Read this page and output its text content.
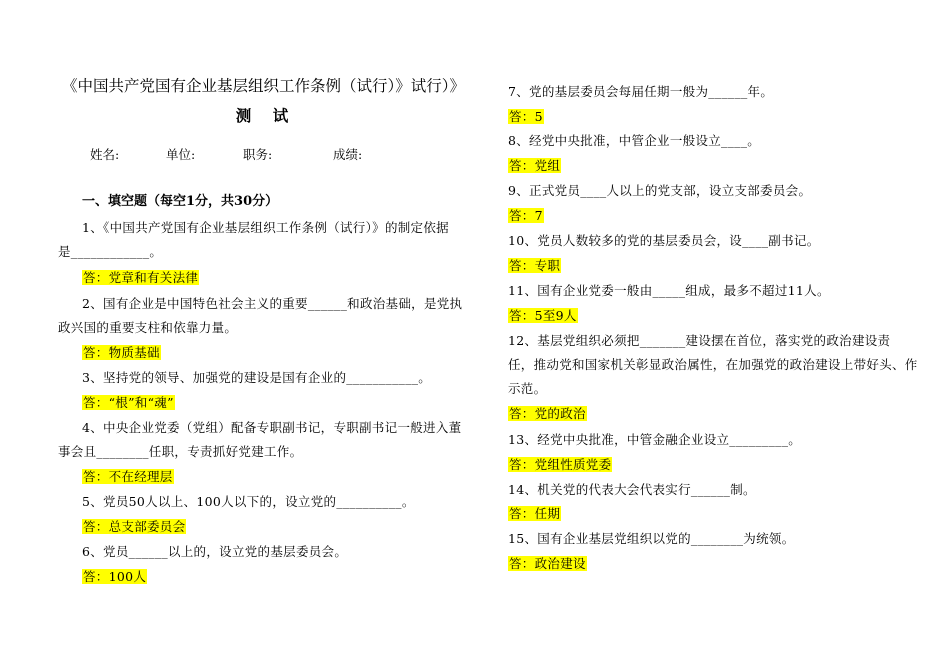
《中国共产党国有企业基层组织工作条例（试行）》试行）》
测    试
姓名:	单位:	职务:	成绩:
一、填空题（每空1分，共30分）
1、《中国共产党国有企业基层组织工作条例（试行）》的制定依据
是____________。
答：党章和有关法律
2、国有企业是中国特色社会主义的重要______和政治基础，是党执
政兴国的重要支柱和依靠力量。
答：物质基础
3、坚持党的领导、加强党的建设是国有企业的___________。
答：“根”和“魂”
4、中央企业党委（党组）配备专职副书记，专职副书记一般进入董
事会且________任职，专责抓好党建工作。
答：不在经理层
5、党员50人以上、100人以下的，设立党的__________。
答：总支部委员会
6、党员______以上的，设立党的基层委员会。
答：100人
7、党的基层委员会每届任期一般为______年。
答：5
8、经党中央批准，中管企业一般设立____。
答：党组
9、正式党员____人以上的党支部，设立支部委员会。
答：7
10、党员人数较多的党的基层委员会，设____副书记。
答：专职
11、国有企业党委一般由_____组成，最多不超过11人。
答：5至9人
12、基层党组织必须把_______建设摆在首位，落实党的政治建设责
任，推动党和国家机关彰显政治属性，在加强党的政治建设上带好头、作
示范。
答：党的政治
13、经党中央批准，中管金融企业设立_________。
答：党组性质党委
14、机关党的代表大会代表实行______制。
答：任期
15、国有企业基层党组织以党的________为统领。
答：政治建设
